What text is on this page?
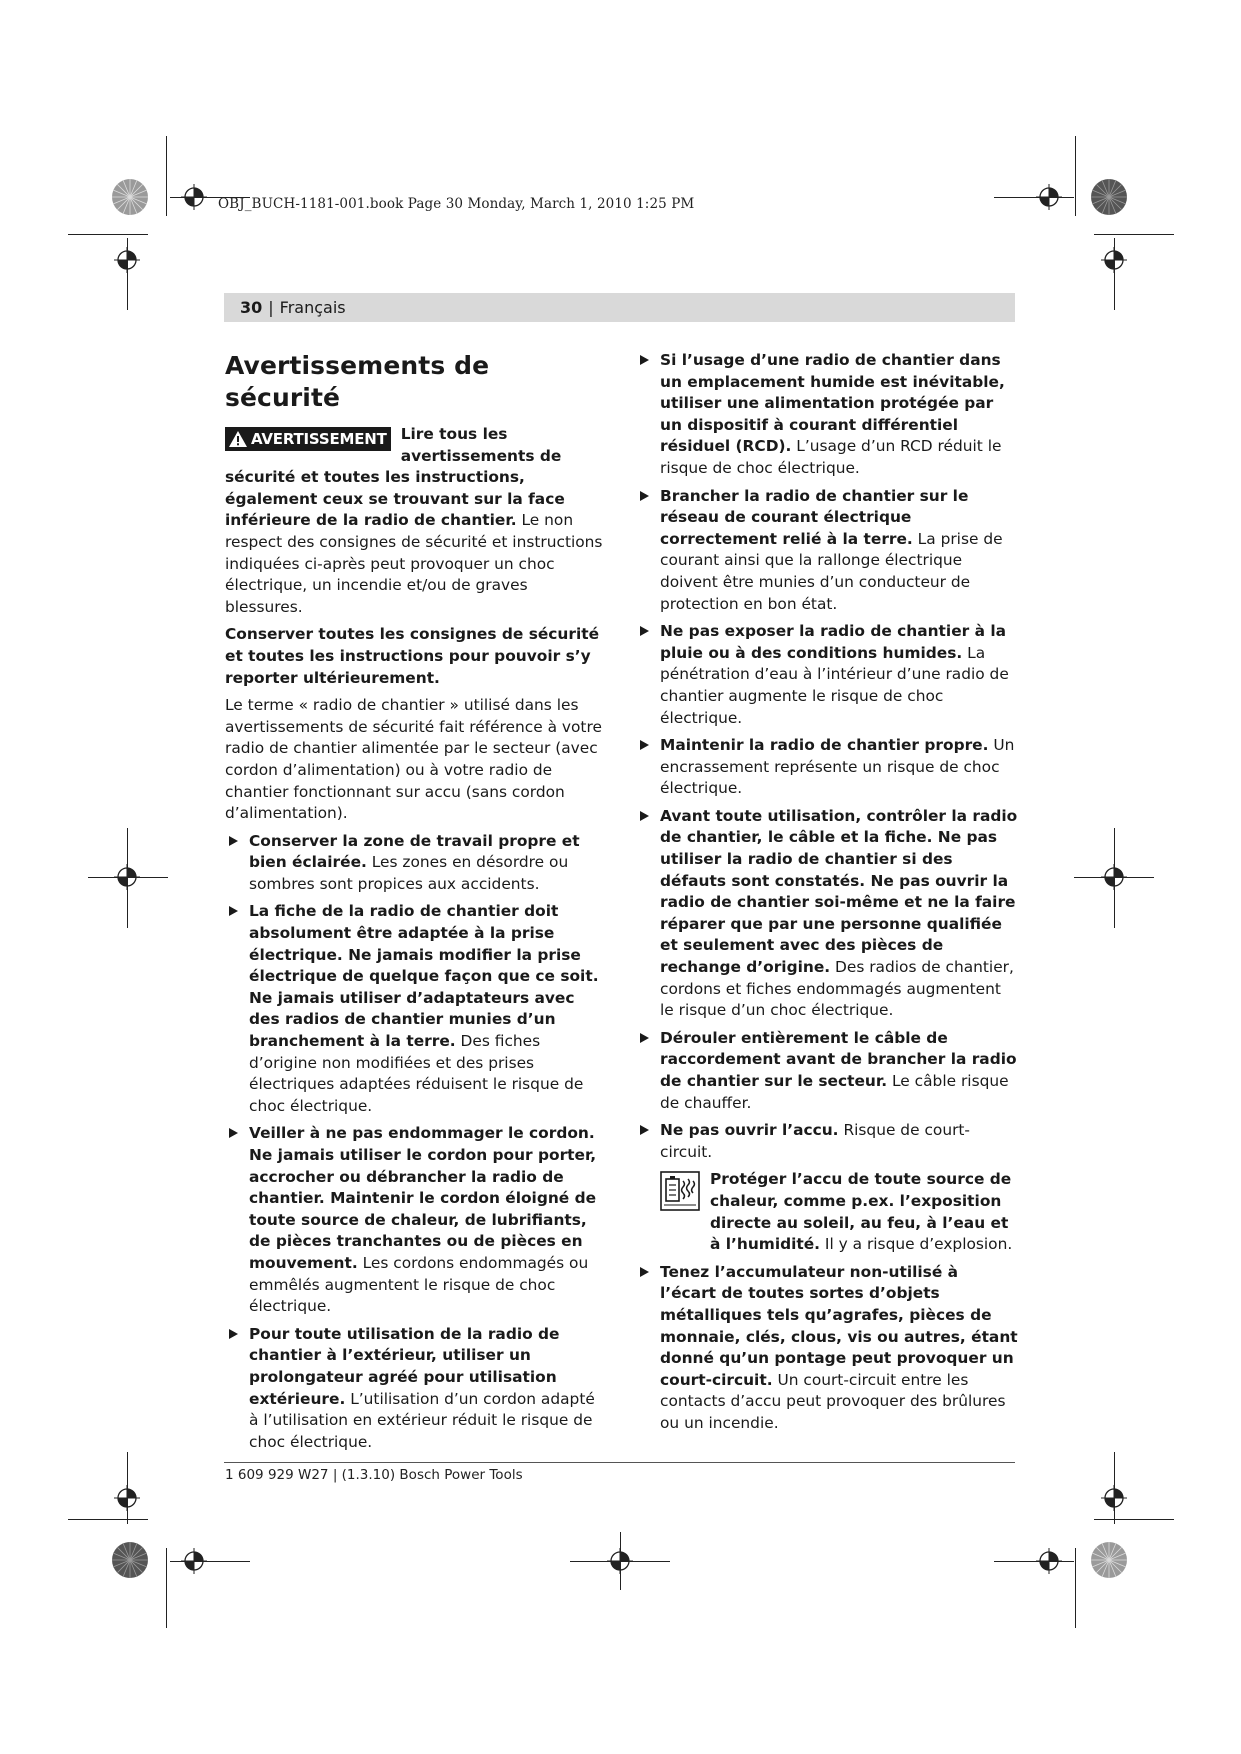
OBJ_BUCH-1181-001.book Page 30 Monday, March 1, 2010 1:25 PM
30 | Français
Avertissements de sécurité

AVERTISSEMENT Lire tous les avertissements de sécurité et toutes les instructions, également ceux se trouvant sur la face inférieure de la radio de chantier. Le non respect des consignes de sécurité et instructions indiquées ci-après peut provoquer un choc électrique, un incendie et/ou de graves blessures.

Conserver toutes les consignes de sécurité et toutes les instructions pour pouvoir s’y reporter ultérieurement.

Le terme « radio de chantier » utilisé dans les avertissements de sécurité fait référence à votre radio de chantier alimentée par le secteur (avec cordon d’alimentation) ou à votre radio de chantier fonctionnant sur accu (sans cordon d’alimentation).

Conserver la zone de travail propre et bien éclairée. Les zones en désordre ou sombres sont propices aux accidents.
La fiche de la radio de chantier doit absolument être adaptée à la prise électrique. Ne jamais modifier la prise électrique de quelque façon que ce soit. Ne jamais utiliser d’adaptateurs avec des radios de chantier munies d’un branchement à la terre. Des fiches d’origine non modifiées et des prises électriques adaptées réduisent le risque de choc électrique.
Veiller à ne pas endommager le cordon. Ne jamais utiliser le cordon pour porter, accrocher ou débrancher la radio de chantier. Maintenir le cordon éloigné de toute source de chaleur, de lubrifiants, de pièces tranchantes ou de pièces en mouvement. Les cordons endommagés ou emmêlés augmentent le risque de choc électrique.
Pour toute utilisation de la radio de chantier à l’extérieur, utiliser un prolongateur agréé pour utilisation extérieure. L’utilisation d’un cordon adapté à l’utilisation en extérieur réduit le risque de choc électrique.
Si l’usage d’une radio de chantier dans un emplacement humide est inévitable, utiliser une alimentation protégée par un dispositif à courant différentiel résiduel (RCD). L’usage d’un RCD réduit le risque de choc électrique.
Brancher la radio de chantier sur le réseau de courant électrique correctement relié à la terre. La prise de courant ainsi que la rallonge électrique doivent être munies d’un conducteur de protection en bon état.
Ne pas exposer la radio de chantier à la pluie ou à des conditions humides. La pénétration d’eau à l’intérieur d’une radio de chantier augmente le risque de choc électrique.
Maintenir la radio de chantier propre. Un encrassement représente un risque de choc électrique.
Avant toute utilisation, contrôler la radio de chantier, le câble et la fiche. Ne pas utiliser la radio de chantier si des défauts sont constatés. Ne pas ouvrir la radio de chantier soi-même et ne la faire réparer que par une personne qualifiée et seulement avec des pièces de rechange d’origine. Des radios de chantier, cordons et fiches endommagés augmentent le risque d’un choc électrique.
Dérouler entièrement le câble de raccordement avant de brancher la radio de chantier sur le secteur. Le câble risque de chauffer.
Ne pas ouvrir l’accu. Risque de court-circuit.
Protéger l’accu de toute source de chaleur, comme p.ex. l’exposition directe au soleil, au feu, à l’eau et à l’humidité. Il y a risque d’explosion.
Tenez l’accumulateur non-utilisé à l’écart de toutes sortes d’objets métalliques tels qu’agrafes, pièces de monnaie, clés, clous, vis ou autres, étant donné qu’un pontage peut provoquer un court-circuit. Un court-circuit entre les contacts d’accu peut provoquer des brûlures ou un incendie.
1 609 929 W27 | (1.3.10) Bosch Power Tools
